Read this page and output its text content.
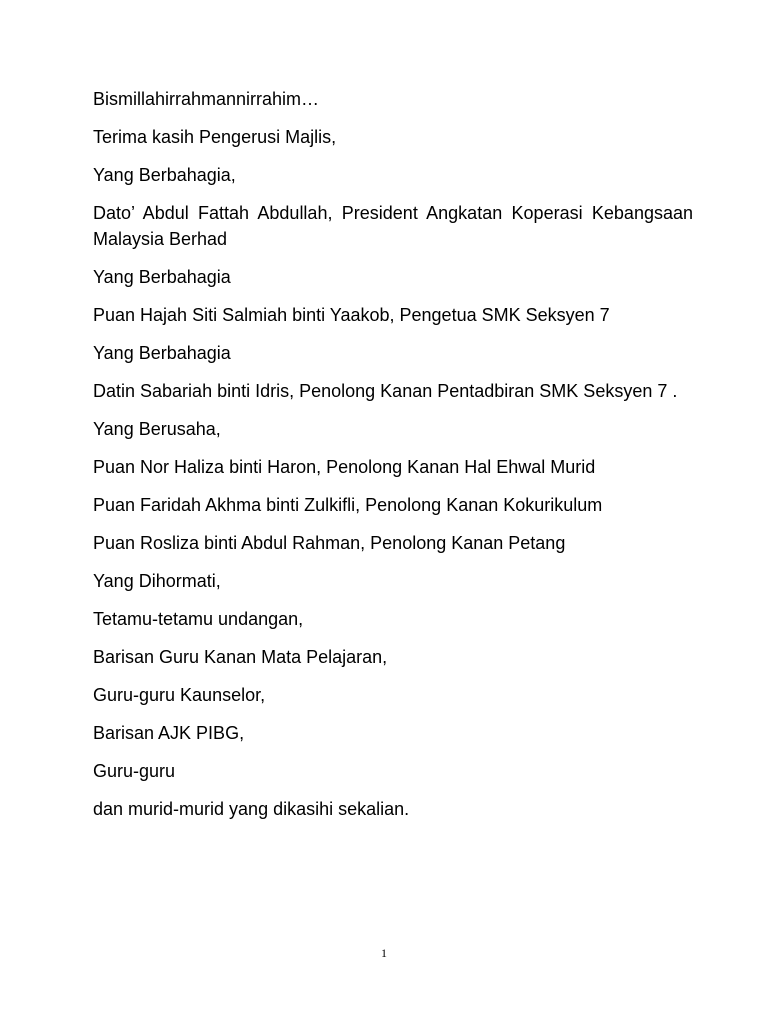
Bismillahirrahmannirrahim…

Terima kasih Pengerusi Majlis,

Yang Berbahagia,

Dato’ Abdul Fattah Abdullah, President Angkatan Koperasi Kebangsaan Malaysia Berhad

Yang Berbahagia

Puan Hajah Siti Salmiah binti Yaakob, Pengetua SMK Seksyen 7

Yang Berbahagia

Datin Sabariah binti Idris, Penolong Kanan Pentadbiran SMK Seksyen 7 .

Yang Berusaha,

Puan Nor Haliza binti Haron, Penolong Kanan Hal Ehwal Murid

Puan Faridah Akhma binti Zulkifli, Penolong Kanan Kokurikulum

Puan Rosliza binti Abdul Rahman, Penolong Kanan Petang

Yang Dihormati,

Tetamu-tetamu undangan,

Barisan Guru Kanan Mata Pelajaran,

Guru-guru Kaunselor,

Barisan AJK PIBG,

Guru-guru

dan murid-murid yang dikasihi sekalian.

1
